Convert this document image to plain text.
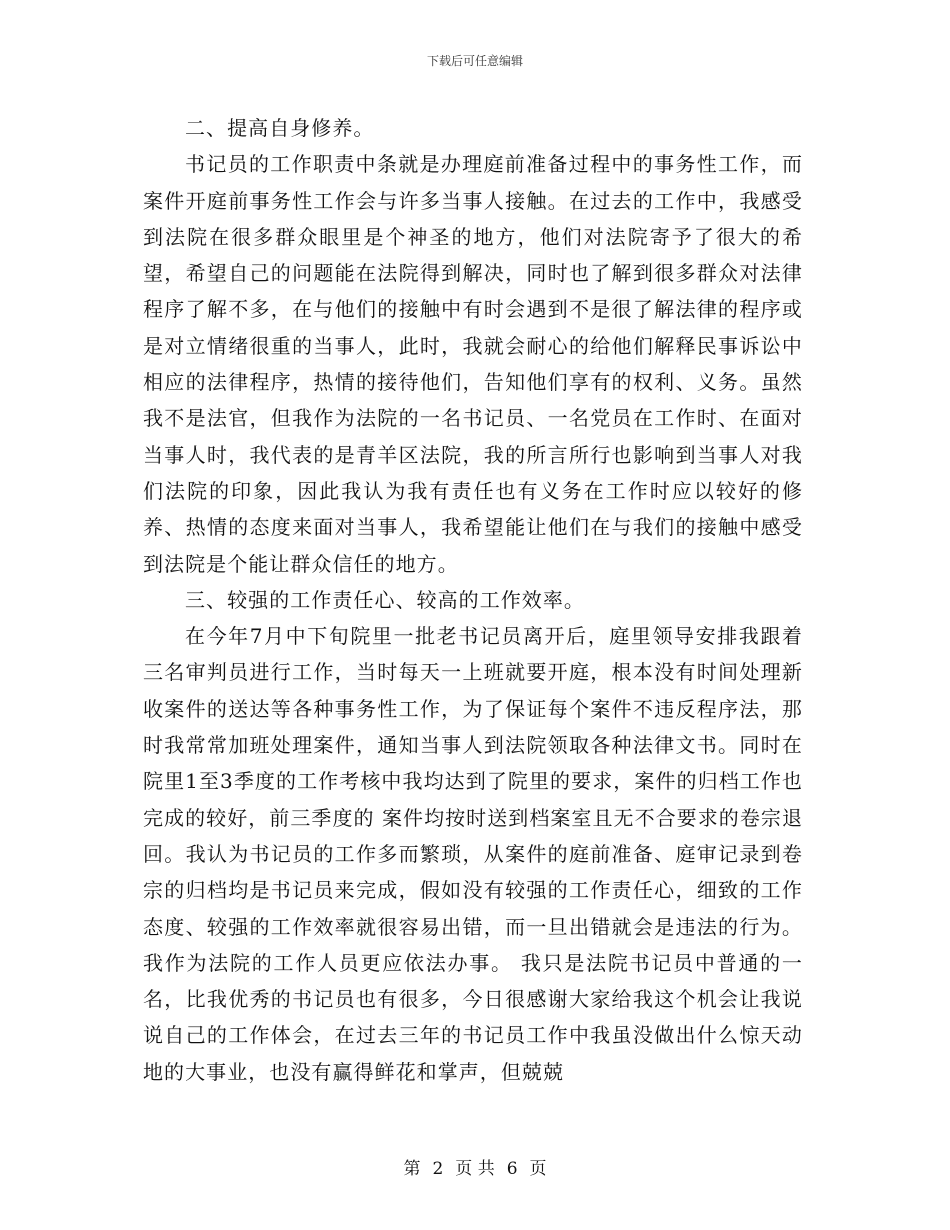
下载后可任意编辑

二、提高自身修养。

书记员的工作职责中条就是办理庭前准备过程中的事务性工作，而案件开庭前事务性工作会与许多当事人接触。在过去的工作中，我感受到法院在很多群众眼里是个神圣的地方，他们对法院寄予了很大的希望，希望自己的问题能在法院得到解决，同时也了解到很多群众对法律程序了解不多，在与他们的接触中有时会遇到不是很了解法律的程序或是对立情绪很重的当事人，此时，我就会耐心的给他们解释民事诉讼中相应的法律程序，热情的接待他们，告知他们享有的权利、义务。虽然我不是法官，但我作为法院的一名书记员、一名党员在工作时、在面对当事人时，我代表的是青羊区法院，我的所言所行也影响到当事人对我们法院的印象，因此我认为我有责任也有义务在工作时应以较好的修养、热情的态度来面对当事人，我希望能让他们在与我们的接触中感受到法院是个能让群众信任的地方。

三、较强的工作责任心、较高的工作效率。

在今年7月中下旬院里一批老书记员离开后，庭里领导安排我跟着三名审判员进行工作，当时每天一上班就要开庭，根本没有时间处理新收案件的送达等各种事务性工作，为了保证每个案件不违反程序法，那时我常常加班处理案件，通知当事人到法院领取各种法律文书。同时在院里1至3季度的工作考核中我均达到了院里的要求，案件的归档工作也完成的较好，前三季度的 案件均按时送到档案室且无不合要求的卷宗退回。我认为书记员的工作多而繁琐，从案件的庭前准备、庭审记录到卷宗的归档均是书记员来完成，假如没有较强的工作责任心，细致的工作态度、较强的工作效率就很容易出错，而一旦出错就会是违法的行为。我作为法院的工作人员更应依法办事。 我只是法院书记员中普通的一名，比我优秀的书记员也有很多，今日很感谢大家给我这个机会让我说说自己的工作体会，在过去三年的书记员工作中我虽没做出什么惊天动地的大事业，也没有赢得鲜花和掌声，但兢兢

第 2 页 共 6 页
